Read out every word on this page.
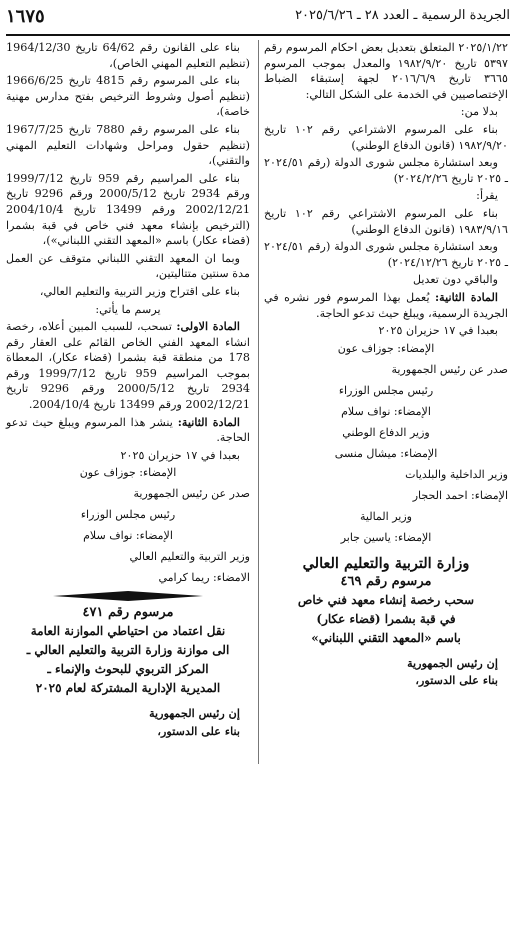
الجريدة الرسمية ـ العدد ٢٨ ـ ٢٠٢٥/٦/٢٦
١٦٧٥

٢٠٢٥/١/٢٢ المتعلق بتعديل بعض احكام المرسوم رقم ٥٣٩٧ تاريخ ١٩٨٢/٩/٢٠ والمعدل بموجب المرسوم ٣٦٦٥ تاريخ ٢٠١٦/٦/٩ لجهة إستبقاء الضباط الإختصاصيين في الخدمة على الشكل التالي:

بدلا من:

بناء على المرسوم الاشتراعي رقم ١٠٢ تاريخ ١٩٨٢/٩/٢٠ (قانون الدفاع الوطني)

وبعد استشارة مجلس شورى الدولة (رقم ٢٠٢٤/٥١ ـ ٢٠٢٥ تاريخ ٢٠٢٤/٢/٢٦)

يقرأ:

بناء على المرسوم الاشتراعي رقم ١٠٢ تاريخ ١٩٨٣/٩/١٦ (قانون الدفاع الوطني)

وبعد استشارة مجلس شورى الدولة (رقم ٢٠٢٤/٥١ ـ ٢٠٢٥ تاريخ ٢٠٢٤/١٢/٢٦)

والباقي دون تعديل

المادة الثانية: يُعمل بهذا المرسوم فور نشره في الجريدة الرسمية، ويبلغ حيث تدعو الحاجة.

بعبدا في ١٧ حزيران ٢٠٢٥

الإمضاء: جوزاف عون

صدر عن رئيس الجمهورية

رئيس مجلس الوزراء

الإمضاء: نواف سلام

وزير الدفاع الوطني

الإمضاء: ميشال منسى

وزير الداخلية والبلديات

الإمضاء: احمد الحجار

وزير المالية

الإمضاء: ياسين جابر

وزارة التربية والتعليم العالي
مرسوم رقم ٤٦٩
سحب رخصة إنشاء معهد فني خاص
في قبة بشمرا (قضاء عكار)
باسم «المعهد التقني اللبناني»

إن رئيس الجمهورية

بناء على الدستور،

بناء على القانون رقم 64/62 تاريخ 1964/12/30 (تنظيم التعليم المهني الخاص)،

بناء على المرسوم رقم 4815 تاريخ 1966/6/25 (تنظيم أصول وشروط الترخيص بفتح مدارس مهنية خاصة)،

بناء على المرسوم رقم 7880 تاريخ 1967/7/25 (تنظيم حقول ومراحل وشهادات التعليم المهني والتقني)،

بناء على المراسيم رقم 959 تاريخ 1999/7/12 ورقم 2934 تاريخ 2000/5/12 ورقم 9296 تاريخ 2002/12/21 ورقم 13499 تاريخ 2004/10/4 (الترخيص بإنشاء معهد فني خاص في قبة بشمرا (قضاء عكار) باسم «المعهد التقني اللبناني»)،

وبما ان المعهد التقني اللبناني متوقف عن العمل مدة سنتين متتاليتين،

بناء على اقتراح وزير التربية والتعليم العالي،

يرسم ما يأتي:

المادة الاولى: تسحب، للسبب المبين أعلاه، رخصة انشاء المعهد الفني الخاص القائم على العقار رقم 178 من منطقة قبة بشمرا (قضاء عكار)، المعطاة بموجب المراسيم 959 تاريخ 1999/7/12 ورقم 2934 تاريخ 2000/5/12 ورقم 9296 تاريخ 2002/12/21 ورقم 13499 تاريخ 2004/10/4.

المادة الثانية: ينشر هذا المرسوم ويبلغ حيث تدعو الحاجة.

بعبدا في ١٧ حزيران ٢٠٢٥

الإمضاء: جوزاف عون

صدر عن رئيس الجمهورية

رئيس مجلس الوزراء

الإمضاء: نواف سلام

وزير التربية والتعليم العالي

الامضاء: ريما كرامي

مرسوم رقم ٤٧١
نقل اعتماد من احتياطي الموازنة العامة
الى موازنة وزارة التربية والتعليم العالي ـ
المركز التربوي للبحوث والإنماء ـ
المديرية الإدارية المشتركة لعام ٢٠٢٥

إن رئيس الجمهورية

بناء على الدستور،
